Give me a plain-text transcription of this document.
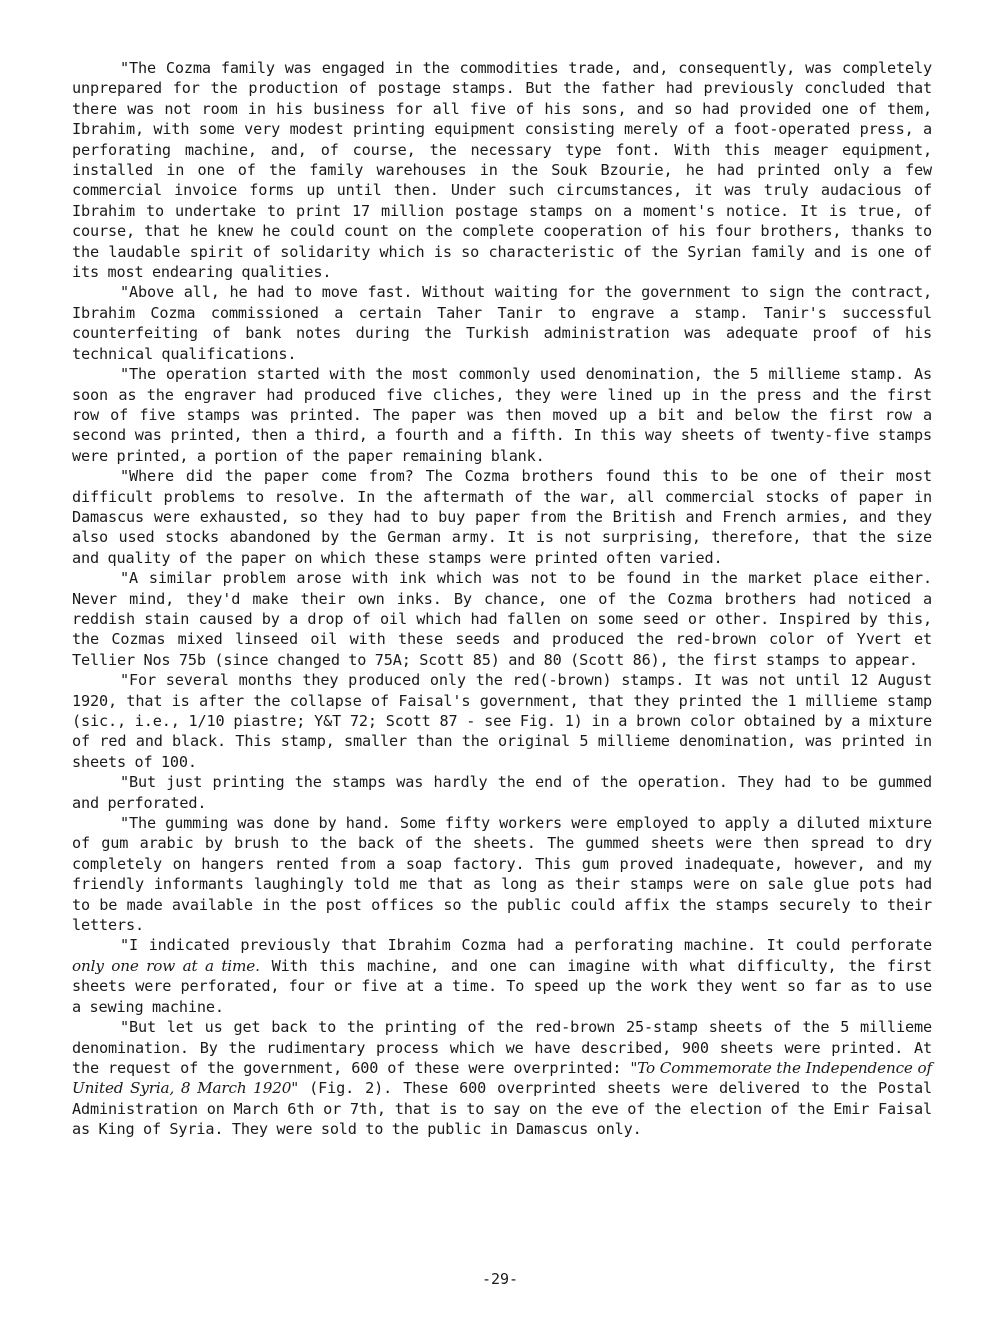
"The Cozma family was engaged in the commodities trade, and, consequently, was completely unprepared for the production of postage stamps. But the father had previously concluded that there was not room in his business for all five of his sons, and so had provided one of them, Ibrahim, with some very modest printing equipment consisting merely of a foot-operated press, a perforating machine, and, of course, the necessary type font. With this meager equipment, installed in one of the family warehouses in the Souk Bzourie, he had printed only a few commercial invoice forms up until then. Under such circumstances, it was truly audacious of Ibrahim to undertake to print 17 million postage stamps on a moment's notice. It is true, of course, that he knew he could count on the complete cooperation of his four brothers, thanks to the laudable spirit of solidarity which is so characteristic of the Syrian family and is one of its most endearing qualities.

"Above all, he had to move fast. Without waiting for the government to sign the contract, Ibrahim Cozma commissioned a certain Taher Tanir to engrave a stamp. Tanir's successful counterfeiting of bank notes during the Turkish administration was adequate proof of his technical qualifications.

"The operation started with the most commonly used denomination, the 5 millieme stamp. As soon as the engraver had produced five cliches, they were lined up in the press and the first row of five stamps was printed. The paper was then moved up a bit and below the first row a second was printed, then a third, a fourth and a fifth. In this way sheets of twenty-five stamps were printed, a portion of the paper remaining blank.

"Where did the paper come from? The Cozma brothers found this to be one of their most difficult problems to resolve. In the aftermath of the war, all commercial stocks of paper in Damascus were exhausted, so they had to buy paper from the British and French armies, and they also used stocks abandoned by the German army. It is not surprising, therefore, that the size and quality of the paper on which these stamps were printed often varied.

"A similar problem arose with ink which was not to be found in the market place either. Never mind, they'd make their own inks. By chance, one of the Cozma brothers had noticed a reddish stain caused by a drop of oil which had fallen on some seed or other. Inspired by this, the Cozmas mixed linseed oil with these seeds and produced the red-brown color of Yvert et Tellier Nos 75b (since changed to 75A; Scott 85) and 80 (Scott 86), the first stamps to appear.

"For several months they produced only the red(-brown) stamps. It was not until 12 August 1920, that is after the collapse of Faisal's government, that they printed the 1 millieme stamp (sic., i.e., 1/10 piastre; Y&T 72; Scott 87 - see Fig. 1) in a brown color obtained by a mixture of red and black. This stamp, smaller than the original 5 millieme denomination, was printed in sheets of 100.

"But just printing the stamps was hardly the end of the operation. They had to be gummed and perforated.

"The gumming was done by hand. Some fifty workers were employed to apply a diluted mixture of gum arabic by brush to the back of the sheets. The gummed sheets were then spread to dry completely on hangers rented from a soap factory. This gum proved inadequate, however, and my friendly informants laughingly told me that as long as their stamps were on sale glue pots had to be made available in the post offices so the public could affix the stamps securely to their letters.

"I indicated previously that Ibrahim Cozma had a perforating machine. It could perforate only one row at a time. With this machine, and one can imagine with what difficulty, the first sheets were perforated, four or five at a time. To speed up the work they went so far as to use a sewing machine.

"But let us get back to the printing of the red-brown 25-stamp sheets of the 5 millieme denomination. By the rudimentary process which we have described, 900 sheets were printed. At the request of the government, 600 of these were overprinted: "To Commemorate the Independence of United Syria, 8 March 1920" (Fig. 2). These 600 overprinted sheets were delivered to the Postal Administration on March 6th or 7th, that is to say on the eve of the election of the Emir Faisal as King of Syria. They were sold to the public in Damascus only.

-29-
